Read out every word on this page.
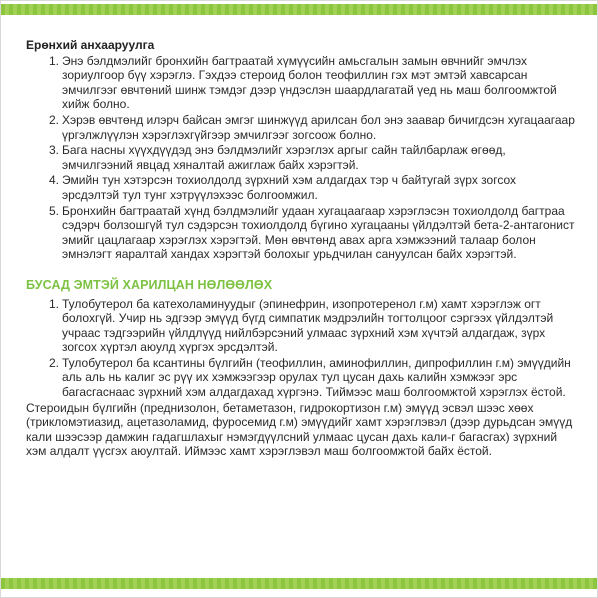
Ерөнхий анхааруулга
1. Энэ бэлдмэлийг бронхийн багтраатай хүмүүсийн амьсгалын замын өвчнийг эмчлэх зориулгоор бүү хэрэглэ. Гэхдээ стероид болон теофиллин гэх мэт эмтэй хавсарсан эмчилгээг өвчтөний шинж тэмдэг дээр үндэслэн шаардлагатай үед нь маш болгоомжтой хийж болно.
2. Хэрэв өвчтөнд илэрч байсан эмгэг шинжүүд арилсан бол энэ заавар бичигдсэн хугацаагаар үргэлжлүүлэн хэрэглэхгүйгээр эмчилгээг зогсоож болно.
3. Бага насны хүүхдүүдэд энэ бэлдмэлийг хэрэглэх аргыг сайн тайлбарлаж өгөөд, эмчилгээний явцад хяналтай ажиглаж байх хэрэгтэй.
4. Эмийн тун хэтэрсэн тохиолдолд зүрхний хэм алдагдах тэр ч байтугай зүрх зогсох эрсдэлтэй тул тунг хэтрүүлэхээс болгоомжил.
5. Бронхийн багтраатай хүнд бэлдмэлийг удаан хугацаагаар хэрэглэсэн тохиолдолд багтраа сэдэрч болзошгүй тул сэдэрсэн тохиолдолд бүгино хугацааны үйлдэлтэй бета-2-антагонист эмийг цацлагаар хэрэглэх хэрэгтэй. Мөн өвчтөнд авах арга хэмжээний талаар болон эмнэлэгт яаралтай хандах хэрэгтэй болохыг урьдчилан сануулсан байх хэрэгтэй.
БУСАД ЭМТЭЙ ХАРИЛЦАН НӨЛӨӨЛӨХ
1. Тулобутерол ба катехоламинуудыг (эпинефрин, изопротеренол г.м) хамт хэрэглэж огт болохгүй. Учир нь эдгээр эмүүд бүгд симпатик мэдрэлийн тогтолцоог сэргээх үйлдэлтэй учраас тэдгээрийн үйлдлүүд нийлбэрсэний улмаас зүрхний хэм хүчтэй алдагдаж, зүрх зогсох хүртэл аюулд хүргэх эрсдэлтэй.
2. Тулобутерол ба ксантины бүлгийн (теофиллин, аминофиллин, дипрофиллин г.м) эмүүдийн аль аль нь калиг эс рүү их хэмжээгээр орулах тул цусан дахь калийн хэмжээг эрс багасгаснаас зүрхний хэм алдагдахад хүргэнэ. Тиймээс маш болгоомжтой хэрэглэх ёстой.
Стероидын бүлгийн (преднизолон, бетаметазон, гидрокортизон г.м) эмүүд эсвэл шээс хөөх (трикломэтиазид, ацетазоламид, фуросемид г.м) эмүүдийг хамт хэрэглэвэл (дээр дурьдсан эмүүд кали шээсээр дамжин гадагшлахыг нэмэгдүүлсний улмаас цусан дахь кали-г багасгах) зүрхний хэм алдалт үүсгэх аюултай. Иймээс хамт хэрэглэвэл маш болгоомжтой байх ёстой.
